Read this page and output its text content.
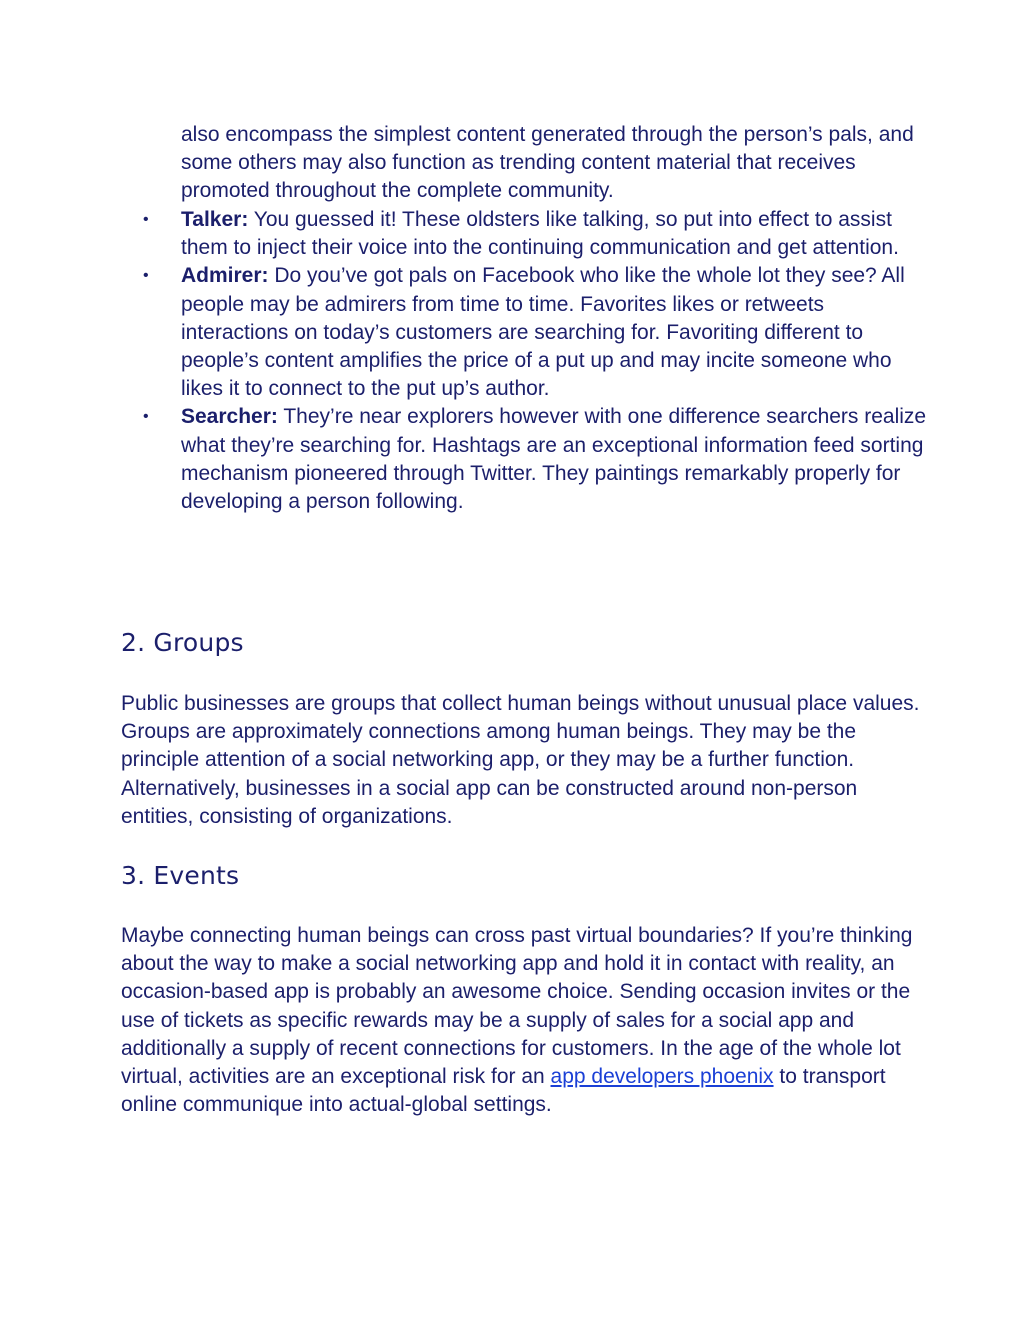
also encompass the simplest content generated through the person’s pals, and some others may also function as trending content material that receives promoted throughout the complete community.

• Talker: You guessed it! These oldsters like talking, so put into effect to assist them to inject their voice into the continuing communication and get attention.
• Admirer: Do you’ve got pals on Facebook who like the whole lot they see? All people may be admirers from time to time. Favorites likes or retweets interactions on today’s customers are searching for. Favoriting different to people’s content amplifies the price of a put up and may incite someone who likes it to connect to the put up’s author.
• Searcher: They’re near explorers however with one difference searchers realize what they’re searching for. Hashtags are an exceptional information feed sorting mechanism pioneered through Twitter. They paintings remarkably properly for developing a person following.
2. Groups

Public businesses are groups that collect human beings without unusual place values. Groups are approximately connections among human beings. They may be the principle attention of a social networking app, or they may be a further function. Alternatively, businesses in a social app can be constructed around non-person entities, consisting of organizations.

3. Events

Maybe connecting human beings can cross past virtual boundaries? If you’re thinking about the way to make a social networking app and hold it in contact with reality, an occasion-based app is probably an awesome choice. Sending occasion invites or the use of tickets as specific rewards may be a supply of sales for a social app and additionally a supply of recent connections for customers. In the age of the whole lot virtual, activities are an exceptional risk for an app developers phoenix to transport online communique into actual-global settings.
